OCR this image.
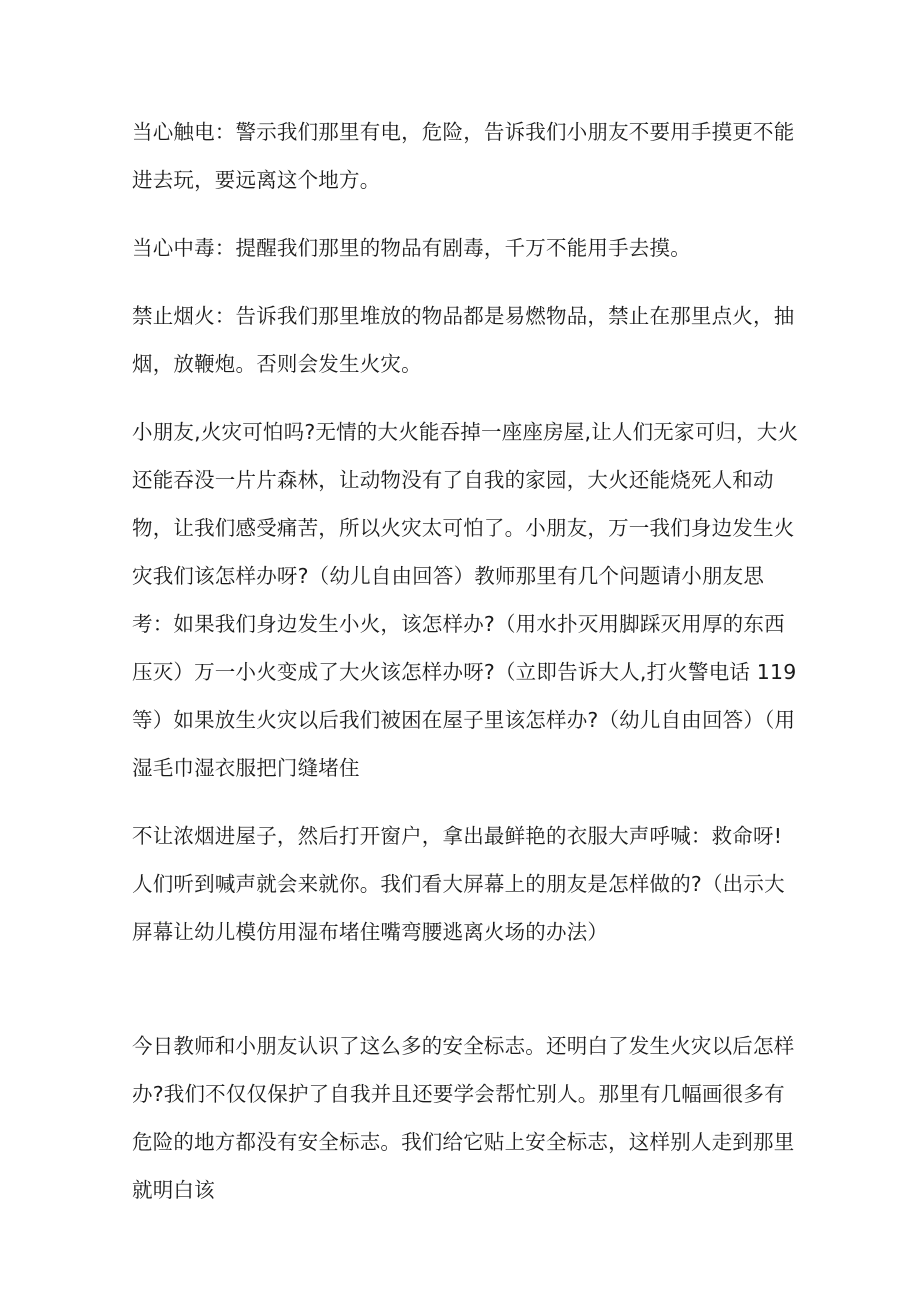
当心触电：警示我们那里有电，危险，告诉我们小朋友不要用手摸更不能进去玩，要远离这个地方。

当心中毒：提醒我们那里的物品有剧毒，千万不能用手去摸。

禁止烟火：告诉我们那里堆放的物品都是易燃物品，禁止在那里点火，抽烟，放鞭炮。否则会发生火灾。

小朋友,火灾可怕吗?无情的大火能吞掉一座座房屋,让人们无家可归，大火还能吞没一片片森林，让动物没有了自我的家园，大火还能烧死人和动物，让我们感受痛苦，所以火灾太可怕了。小朋友，万一我们身边发生火灾我们该怎样办呀?（幼儿自由回答）教师那里有几个问题请小朋友思考：如果我们身边发生小火，该怎样办?（用水扑灭用脚踩灭用厚的东西压灭）万一小火变成了大火该怎样办呀?（立即告诉大人,打火警电话 119 等）如果放生火灾以后我们被困在屋子里该怎样办?（幼儿自由回答）（用湿毛巾湿衣服把门缝堵住

不让浓烟进屋子，然后打开窗户，拿出最鲜艳的衣服大声呼喊：救命呀!人们听到喊声就会来就你。我们看大屏幕上的朋友是怎样做的?（出示大屏幕让幼儿模仿用湿布堵住嘴弯腰逃离火场的办法）

今日教师和小朋友认识了这么多的安全标志。还明白了发生火灾以后怎样办?我们不仅仅保护了自我并且还要学会帮忙别人。那里有几幅画很多有危险的地方都没有安全标志。我们给它贴上安全标志，这样别人走到那里就明白该
